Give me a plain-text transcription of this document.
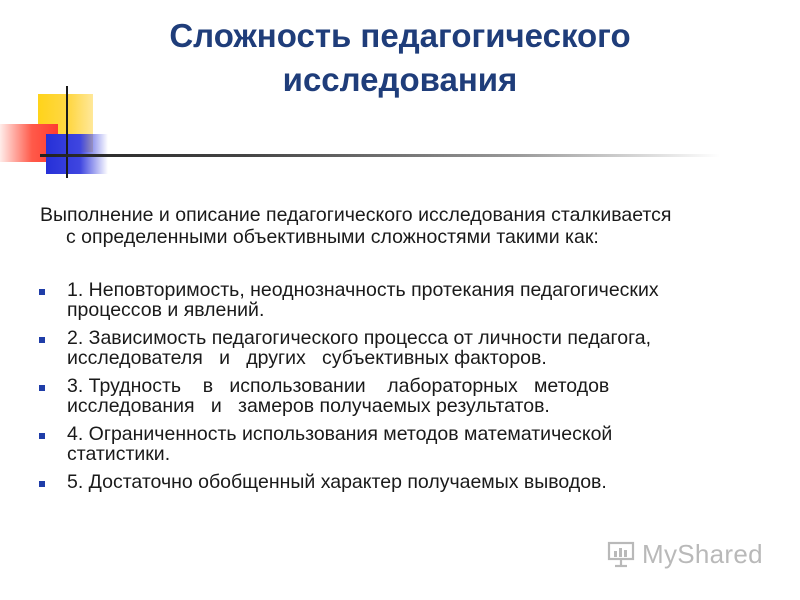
Сложность педагогического
исследования

Выполнение и описание педагогического исследования сталкивается
с определенными объективными сложностями такими как:

1. Неповторимость, неоднозначность протекания педагогических
процессов и явлений.
2. Зависимость педагогического процесса от личности педагога,
исследователя   и   других   субъективных факторов.
3. Трудность    в   использовании    лабораторных   методов
исследования   и   замеров получаемых результатов.
4. Ограниченность использования методов математической
статистики.
5. Достаточно обобщенный характер получаемых выводов.
MyShared
